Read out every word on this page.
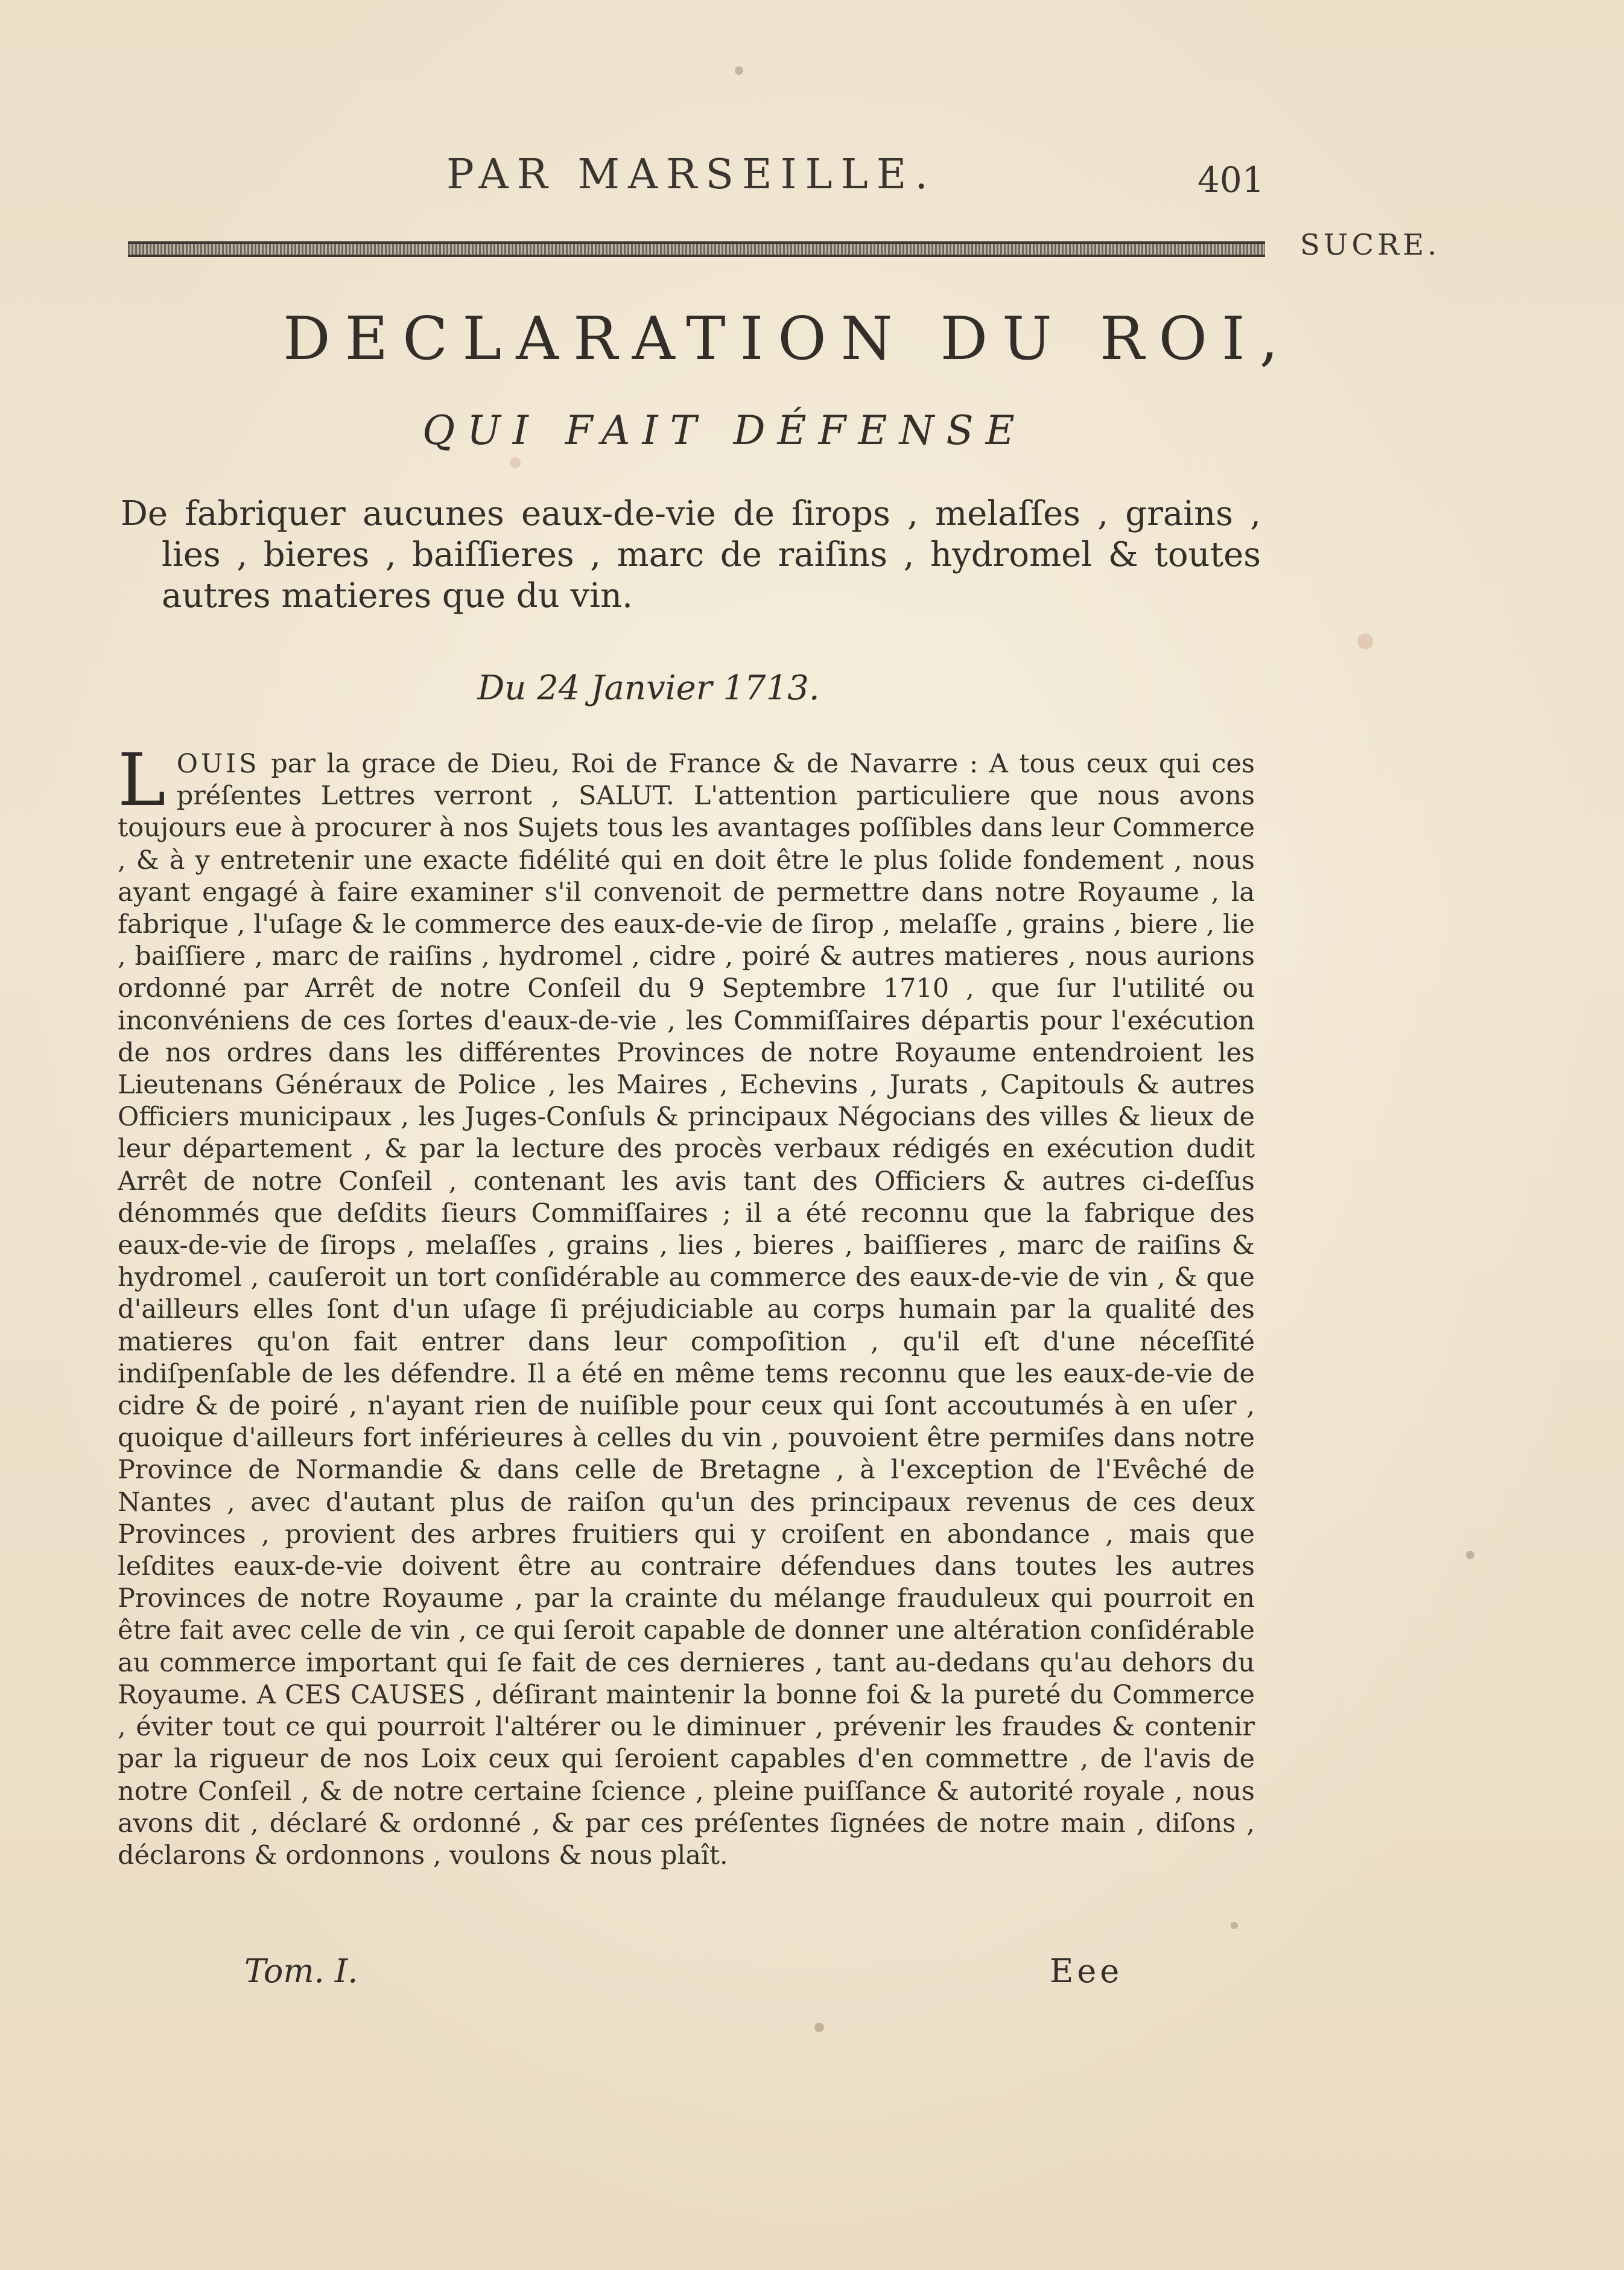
PAR MARSEILLE.	401
SUCRE.
DECLARATION DU ROI,
QUI FAIT DÉFENSE
De fabriquer aucunes eaux-de-vie de ſirops , melaſſes , grains , lies , bieres , baiſſieres , marc de raiſins , hydromel & toutes autres matieres que du vin.
Du 24 Janvier 1713.
LOUIS par la grace de Dieu, Roi de France & de Navarre : A tous ceux qui ces préſentes Lettres verront , SALUT. L'attention particuliere que nous avons toujours eue à procurer à nos Sujets tous les avantages poſſibles dans leur Commerce , & à y entretenir une exacte fidélité qui en doit être le plus ſolide fondement , nous ayant engagé à faire examiner s'il convenoit de permettre dans notre Royaume , la fabrique , l'uſage & le commerce des eaux-de-vie de ſirop , melaſſe , grains , biere , lie , baiſſiere , marc de raiſins , hydromel , cidre , poiré & autres matieres , nous aurions ordonné par Arrêt de notre Conſeil du 9 Septembre 1710 , que ſur l'utilité ou inconvéniens de ces ſortes d'eaux-de-vie , les Commiſſaires départis pour l'exécution de nos ordres dans les différentes Provinces de notre Royaume entendroient les Lieutenans Généraux de Police , les Maires , Echevins , Jurats , Capitouls & autres Officiers municipaux , les Juges-Conſuls & principaux Négocians des villes & lieux de leur département , & par la lecture des procès verbaux rédigés en exécution dudit Arrêt de notre Conſeil , contenant les avis tant des Officiers & autres ci-deſſus dénommés que deſdits ſieurs Commiſſaires ; il a été reconnu que la fabrique des eaux-de-vie de ſirops , melaſſes , grains , lies , bieres , baiſſieres , marc de raiſins & hydromel , cauſeroit un tort conſidérable au commerce des eaux-de-vie de vin , & que d'ailleurs elles ſont d'un uſage ſi préjudiciable au corps humain par la qualité des matieres qu'on fait entrer dans leur compoſition , qu'il eſt d'une néceſſité indiſpenſable de les défendre. Il a été en même tems reconnu que les eaux-de-vie de cidre & de poiré , n'ayant rien de nuiſible pour ceux qui ſont accoutumés à en uſer , quoique d'ailleurs fort inférieures à celles du vin , pouvoient être permiſes dans notre Province de Normandie & dans celle de Bretagne , à l'exception de l'Evêché de Nantes , avec d'autant plus de raiſon qu'un des principaux revenus de ces deux Provinces , provient des arbres fruitiers qui y croiſent en abondance , mais que leſdites eaux-de-vie doivent être au contraire défendues dans toutes les autres Provinces de notre Royaume , par la crainte du mélange frauduleux qui pourroit en être fait avec celle de vin , ce qui ſeroit capable de donner une altération conſidérable au commerce important qui ſe fait de ces dernieres , tant au-dedans qu'au dehors du Royaume. A CES CAUSES , déſirant maintenir la bonne foi & la pureté du Commerce , éviter tout ce qui pourroit l'altérer ou le diminuer , prévenir les fraudes & contenir par la rigueur de nos Loix ceux qui ſeroient capables d'en commettre , de l'avis de notre Conſeil , & de notre certaine ſcience , pleine puiſſance & autorité royale , nous avons dit , déclaré & ordonné , & par ces préſentes ſignées de notre main , diſons , déclarons & ordonnons , voulons & nous plaît.
Tom. I.	Eee
